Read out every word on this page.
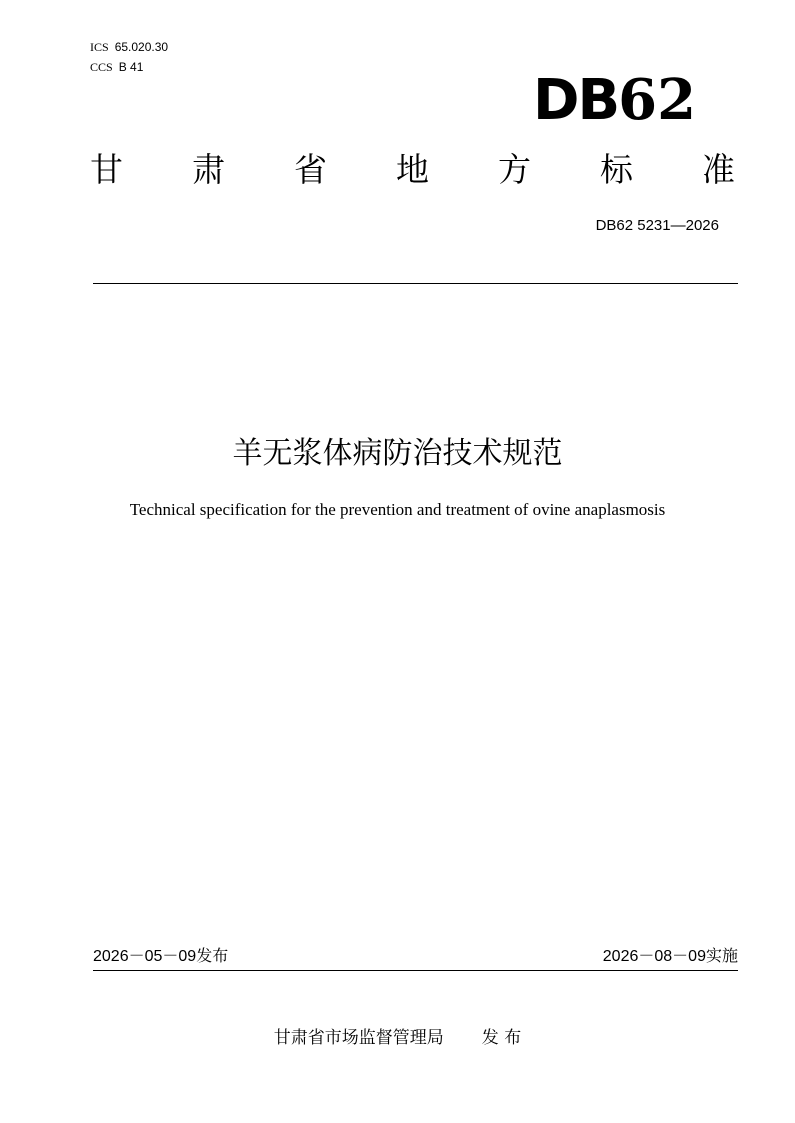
ICS 65.020.30
CCS B 41
DB62
甘 肃 省 地 方 标 准
DB62 5231—2026
羊无浆体病防治技术规范
Technical specification for the prevention and treatment of ovine anaplasmosis
2026－05－09发布	2026－08－09实施
甘肃省市场监督管理局 发 布
